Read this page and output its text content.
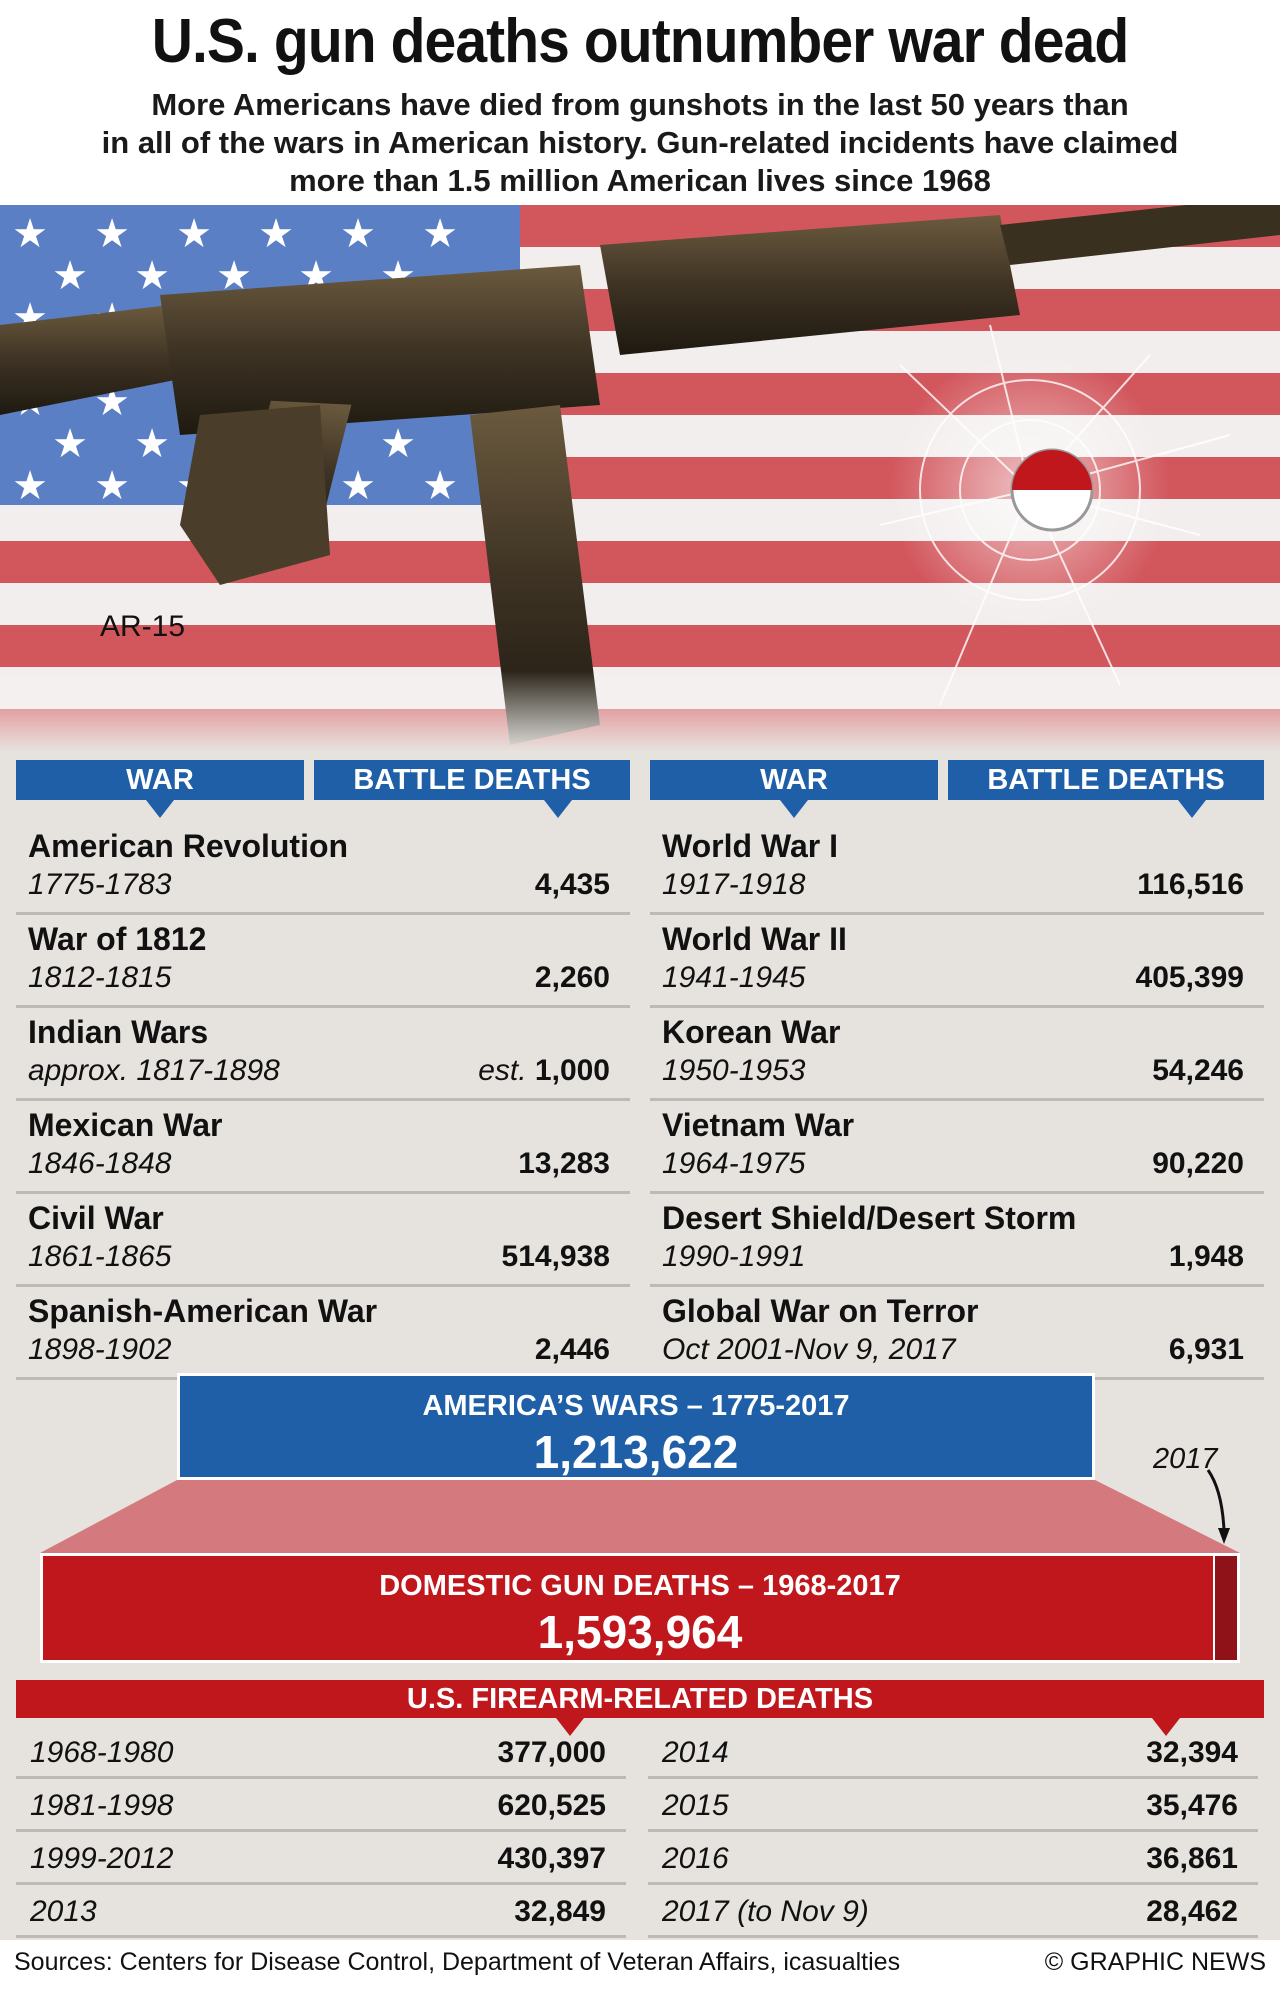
U.S. gun deaths outnumber war dead
More Americans have died from gunshots in the last 50 years than
in all of the wars in American history. Gun-related incidents have claimed
more than 1.5 million American lives since 1968
AR-15
WAR	BATTLE DEATHS
American Revolution
1775-1783	4,435
War of 1812
1812-1815	2,260
Indian Wars
approx. 1817-1898	est. 1,000
Mexican War
1846-1848	13,283
Civil War
1861-1865	514,938
Spanish-American War
1898-1902	2,446
WAR	BATTLE DEATHS
World War I
1917-1918	116,516
World War II
1941-1945	405,399
Korean War
1950-1953	54,246
Vietnam War
1964-1975	90,220
Desert Shield/Desert Storm
1990-1991	1,948
Global War on Terror
Oct 2001-Nov 9, 2017	6,931
AMERICA’S WARS – 1775-2017
1,213,622	2017
DOMESTIC GUN DEATHS – 1968-2017
1,593,964
U.S. FIREARM-RELATED DEATHS
1968-1980	377,000
1981-1998	620,525
1999-2012	430,397
2013	32,849
2014	32,394
2015	35,476
2016	36,861
2017 (to Nov 9)	28,462
Sources: Centers for Disease Control, Department of Veteran Affairs, icasualties	© GRAPHIC NEWS
